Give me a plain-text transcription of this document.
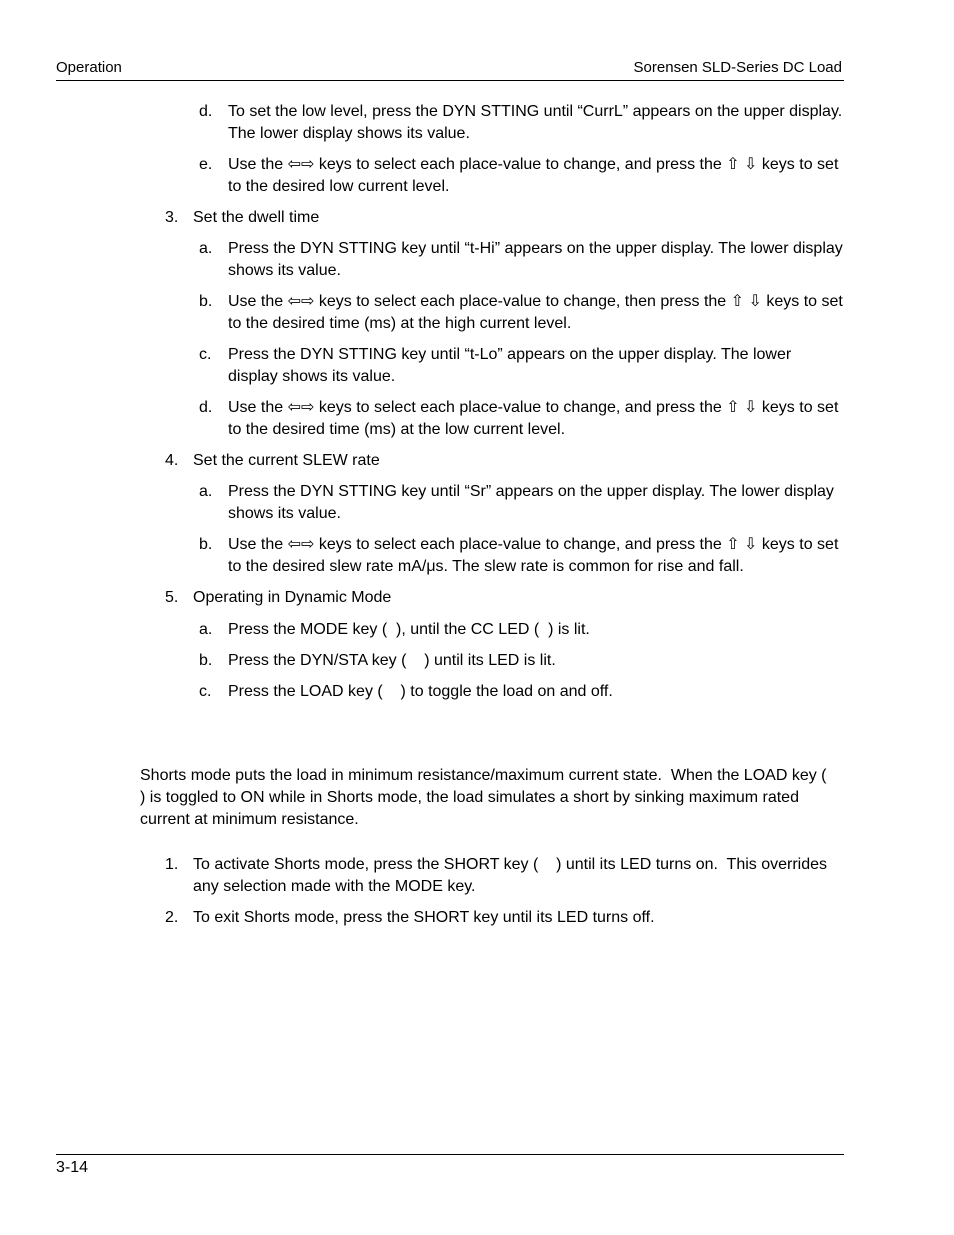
Operation	Sorensen SLD-Series DC Load
d. To set the low level, press the DYN STTING until “CurrL” appears on the upper display. The lower display shows its value.
e. Use the ⇦⇨ keys to select each place-value to change, and press the ⇧ ⇩ keys to set to the desired low current level.
3. Set the dwell time
a. Press the DYN STTING key until “t-Hi” appears on the upper display. The lower display shows its value.
b. Use the ⇦⇨ keys to select each place-value to change, then press the ⇧ ⇩ keys to set to the desired time (ms) at the high current level.
c.	Press the DYN STTING key until “t-Lo” appears on the upper display. The lower display shows its value.
d. Use the ⇦⇨ keys to select each place-value to change, and press the ⇧ ⇩ keys to set to the desired time (ms) at the low current level.
4. Set the current SLEW rate
a. Press the DYN STTING key until “Sr” appears on the upper display. The lower display shows its value.
b. Use the ⇦⇨ keys to select each place-value to change, and press the ⇧ ⇩ keys to set to the desired slew rate mA/μs. The slew rate is common for rise and fall.
5. Operating in Dynamic Mode
a. Press the MODE key (  ), until the CC LED (  ) is lit.
b. Press the DYN/STA key (    ) until its LED is lit.
c.	Press the LOAD key (    ) to toggle the load on and off.
Shorts mode puts the load in minimum resistance/maximum current state.  When the LOAD key (    ) is toggled to ON while in Shorts mode, the load simulates a short by sinking maximum rated current at minimum resistance.
1. To activate Shorts mode, press the SHORT key (    ) until its LED turns on.  This overrides any selection made with the MODE key.
2. To exit Shorts mode, press the SHORT key until its LED turns off.
3-14
